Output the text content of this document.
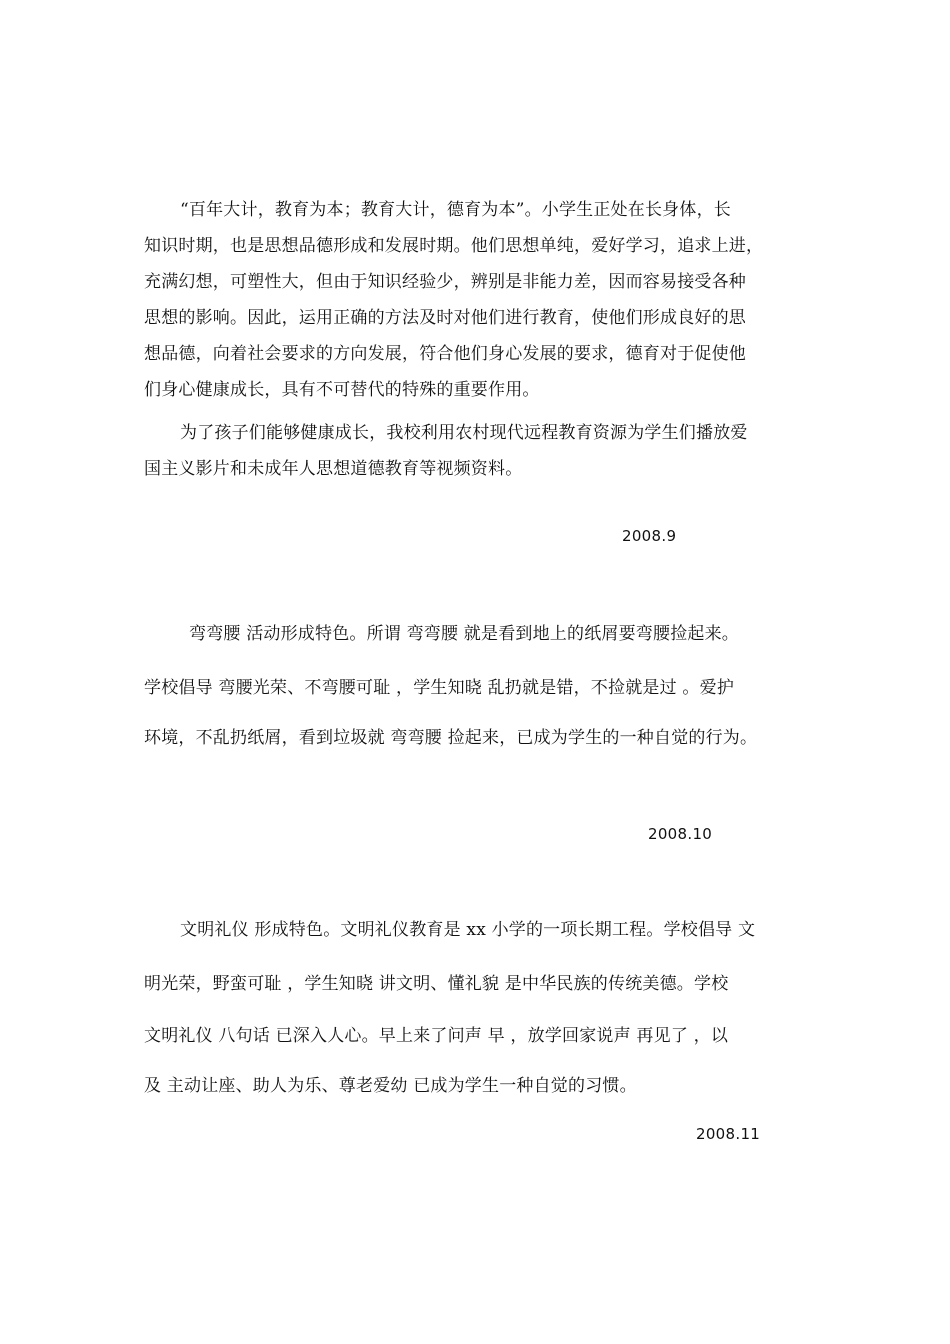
“百年大计，教育为本；教育大计，德育为本”。小学生正处在长身体，长
知识时期，也是思想品德形成和发展时期。他们思想单纯，爱好学习，追求上进，
充满幻想，可塑性大，但由于知识经验少，辨别是非能力差，因而容易接受各种
思想的影响。因此，运用正确的方法及时对他们进行教育，使他们形成良好的思
想品德，向着社会要求的方向发展，符合他们身心发展的要求，德育对于促使他
们身心健康成长，具有不可替代的特殊的重要作用。
为了孩子们能够健康成长，我校利用农村现代远程教育资源为学生们播放爱
国主义影片和未成年人思想道德教育等视频资料。
2008.9
弯弯腰 活动形成特色。所谓 弯弯腰 就是看到地上的纸屑要弯腰捡起来。
学校倡导 弯腰光荣、不弯腰可耻 ，学生知晓 乱扔就是错，不捡就是过 。爱护
环境，不乱扔纸屑，看到垃圾就 弯弯腰 捡起来，已成为学生的一种自觉的行为。
2008.10
文明礼仪 形成特色。文明礼仪教育是 xx 小学的一项长期工程。学校倡导 文
明光荣，野蛮可耻 ，学生知晓 讲文明、懂礼貌 是中华民族的传统美德。学校
文明礼仪 八句话 已深入人心。早上来了问声 早 ，放学回家说声 再见了 ，以
及 主动让座、助人为乐、尊老爱幼 已成为学生一种自觉的习惯。
2008.11
